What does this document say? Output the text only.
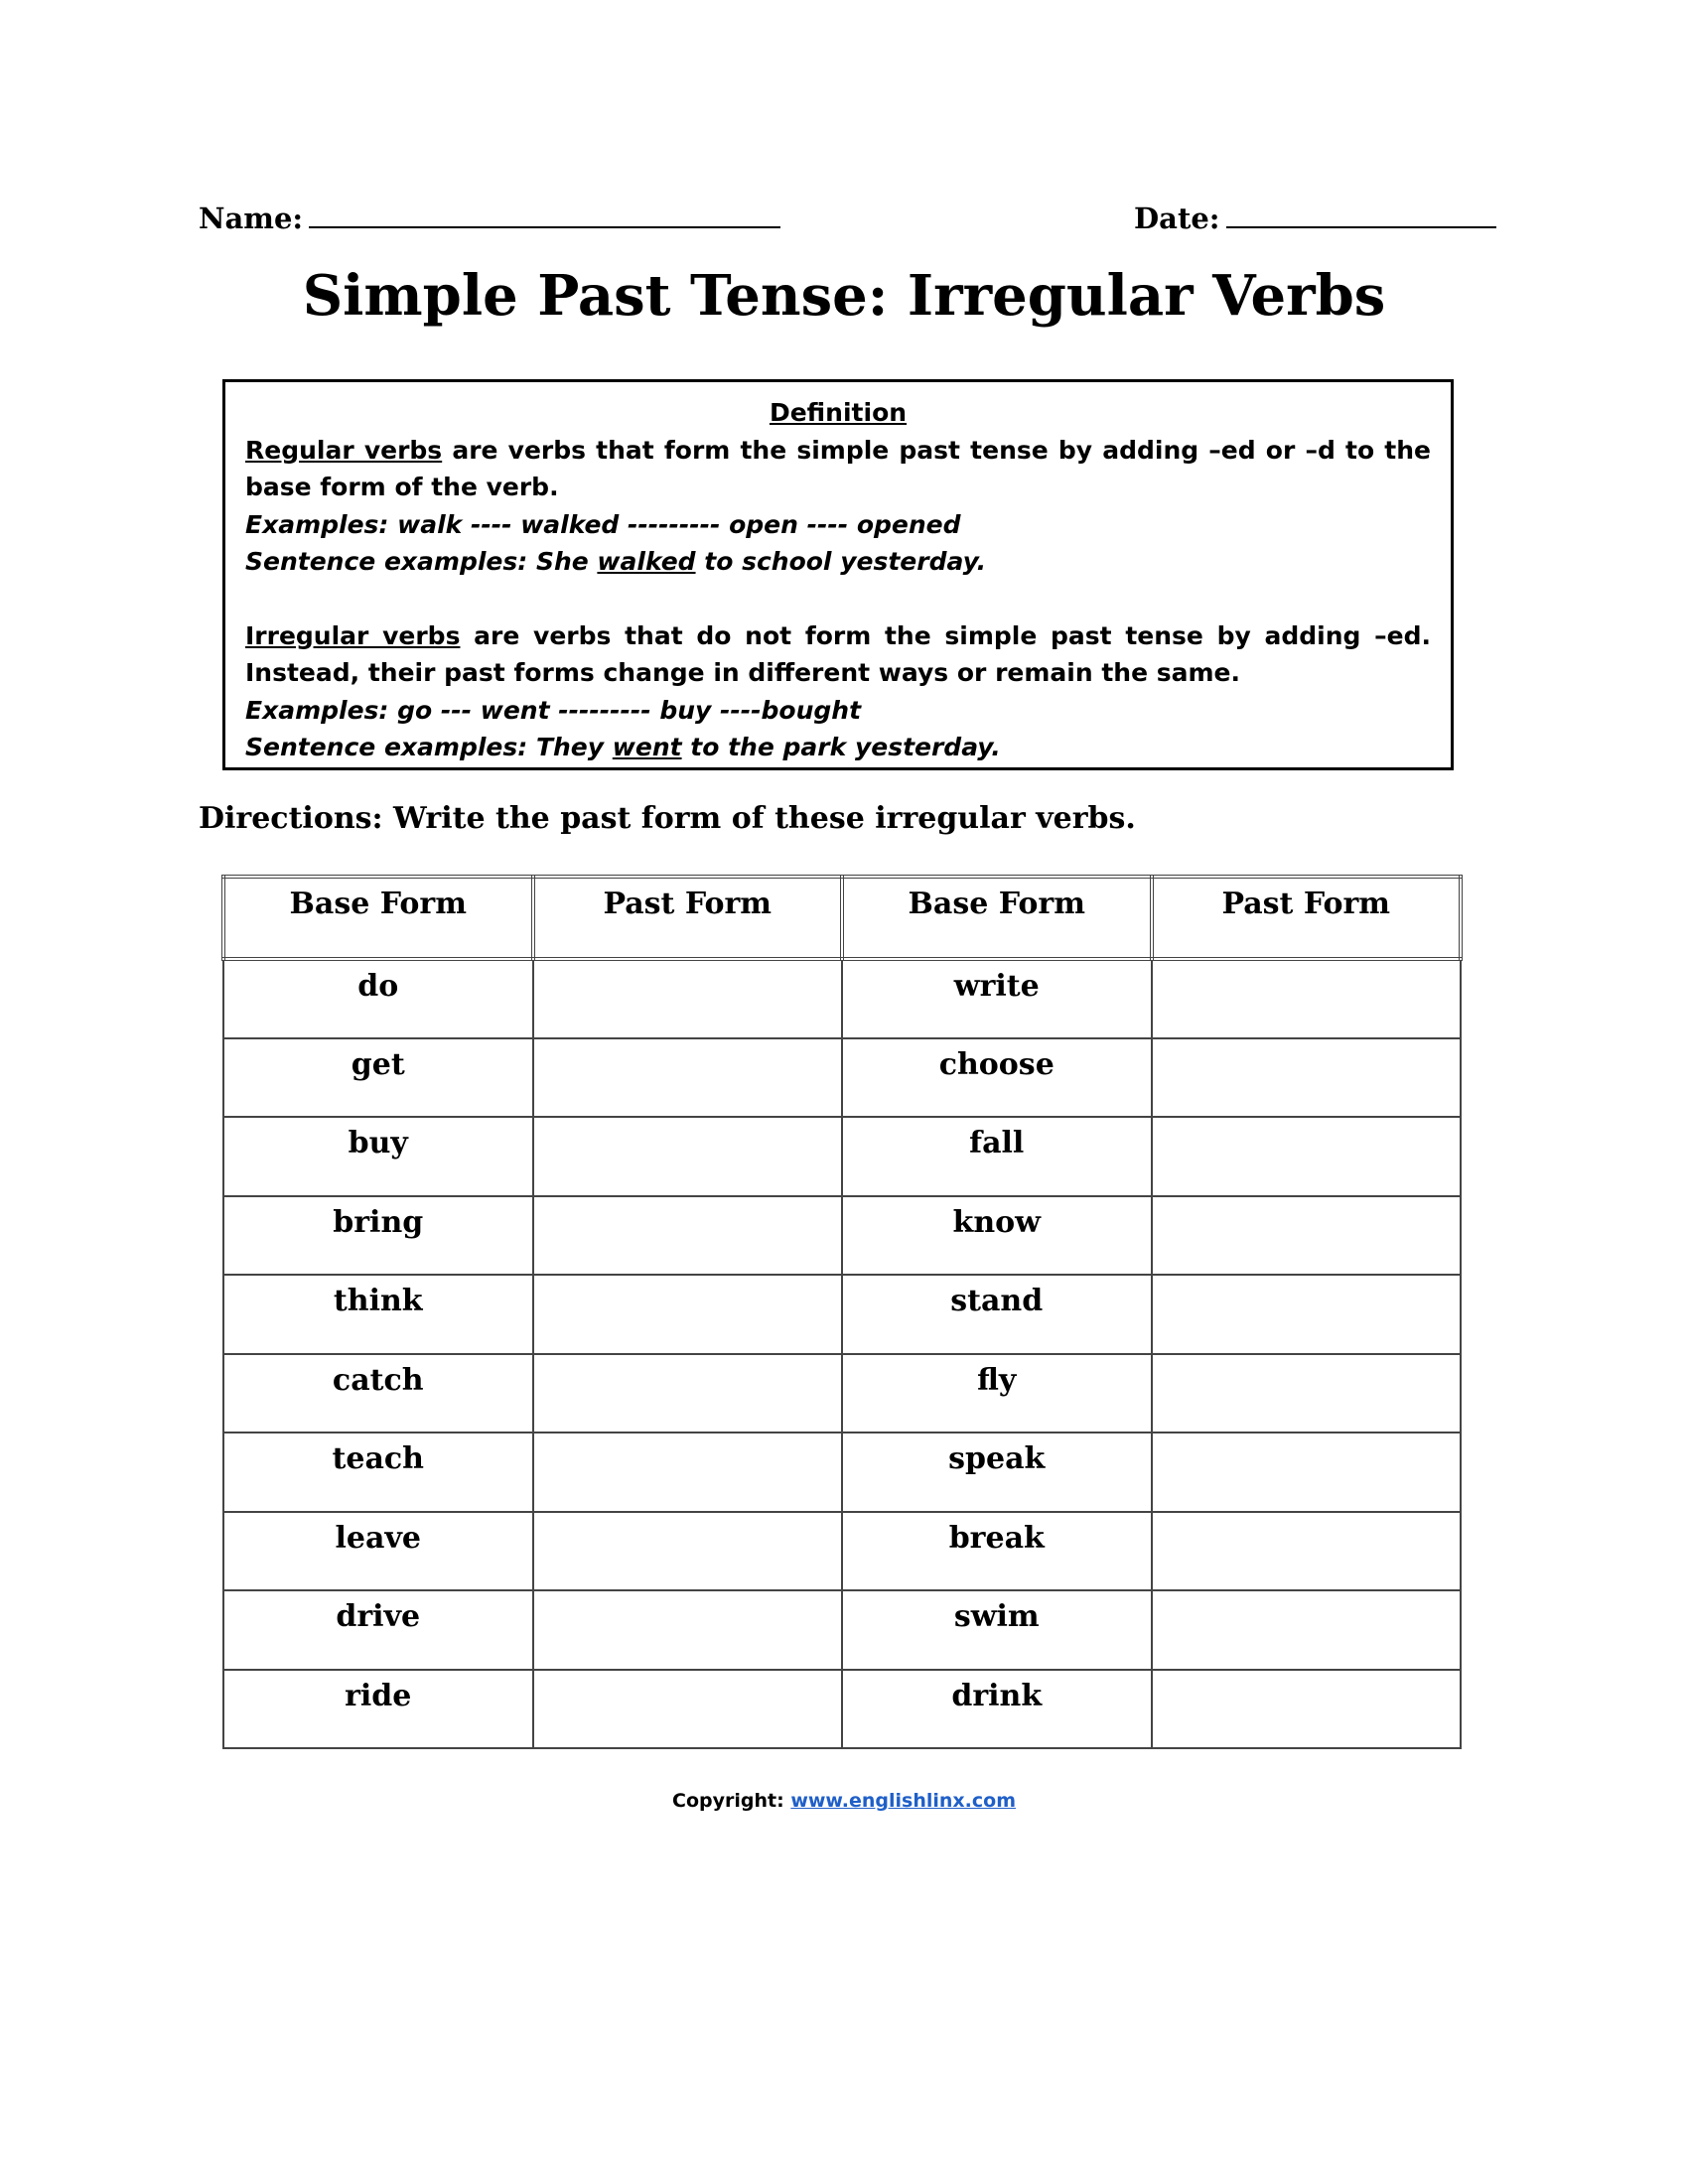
Name:	Date:
Simple Past Tense: Irregular Verbs

Definition

Regular verbs are verbs that form the simple past tense by adding –ed or –d to the base form of the verb.

Examples: walk ---- walked --------- open ---- opened

Sentence examples: She walked to school yesterday.

Irregular verbs are verbs that do not form the simple past tense by adding –ed. Instead, their past forms change in different ways or remain the same.

Examples: go --- went --------- buy ----bought

Sentence examples: They went to the park yesterday.

Directions: Write the past form of these irregular verbs.
Base Form	Past Form	Base Form	Past Form
do		write	
get		choose	
buy		fall	
bring		know	
think		stand	
catch		fly	
teach		speak	
leave		break	
drive		swim	
ride		drink	
Copyright: www.englishlinx.com
